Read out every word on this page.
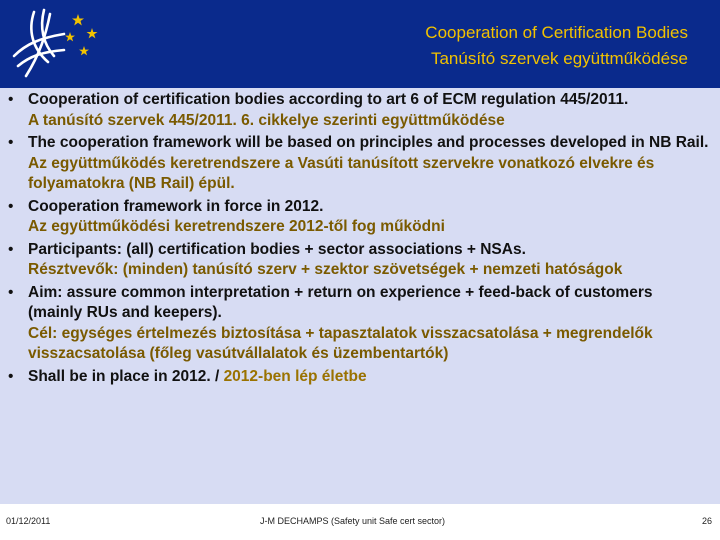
Cooperation of Certification Bodies
Tanúsító szervek együttműködése
• Cooperation of certification bodies according to art 6 of ECM regulation 445/2011.
A tanúsító szervek 445/2011. 6. cikkelye szerinti együttműködése
• The cooperation framework will be based on principles and processes developed in NB Rail.
Az együttműködés keretrendszere a Vasúti tanúsított szervekre vonatkozó elvekre és folyamatokra (NB Rail) épül.
• Cooperation framework in force in 2012.
Az együttműködési keretrendszere 2012-től fog működni
• Participants: (all) certification bodies + sector associations + NSAs.
Résztvevők: (minden) tanúsító szerv + szektor szövetségek + nemzeti hatóságok
• Aim: assure common interpretation + return on experience + feed-back of customers (mainly RUs and keepers).
Cél: egységes értelmezés biztosítása + tapasztalatok visszacsatolása + megrendelők visszacsatolása (főleg vasútvállalatok és üzembentartók)
• Shall be in place in 2012. / 2012-ben lép életbe
01/12/2011	J-M DECHAMPS (Safety unit Safe cert sector)	26
